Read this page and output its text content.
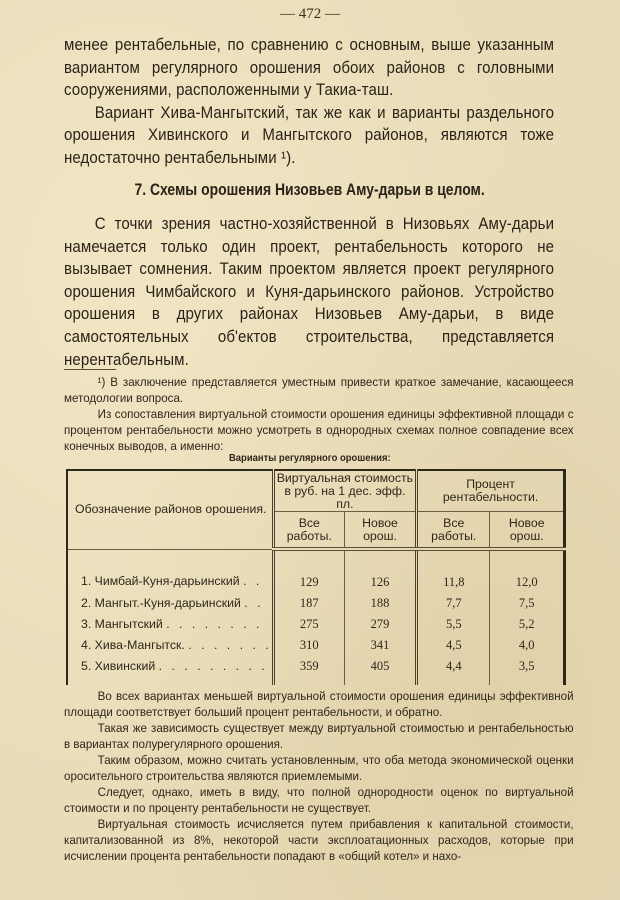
— 472 —

менее рентабельные, по сравнению с основным, выше указанным вариантом регулярного орошения обоих районов с головными сооружениями, расположенными у Такиа-таш.

Вариант Хива-Мангытский, так же как и варианты раздельного орошения Хивинского и Мангытского районов, являются тоже недостаточно рентабельными ¹).

7. Схемы орошения Низовьев Аму-дарьи в целом.

С точки зрения частно-хозяйственной в Низовьях Аму-дарьи намечается только один проект, рентабельность которого не вызывает сомнения. Таким проектом является проект регулярного орошения Чимбайского и Куня-дарьинского районов. Устройство орошения в других районах Низовьев Аму-дарьи, в виде самостоятельных об'ектов строительства, представляется нерентабельным.

¹) В заключение представляется уместным привести краткое замечание, касающееся методологии вопроса.

Из сопоставления виртуальной стоимости орошения единицы эффективной площади с процентом рентабельности можно усмотреть в однородных схемах полное совпадение всех конечных выводов, а именно:

Варианты регулярного орошения:
Обозначение районов орошения.	Виртуальная стоимость в руб. на 1 дес. эфф. пл.		Процент рентабельности.	
	Все работы.	Новое орош.	Все работы.	Новое орош.
1. Чимбай-Куня-дарьинский . .	129	126	11,8	12,0
2. Мангыт.-Куня-дарьинский . .	187	188	7,7	7,5
3. Мангытский . . . . . . . .	275	279	5,5	5,2
4. Хива-Мангытск. . . . . . . .	310	341	4,5	4,0
5. Хивинский . . . . . . . . .	359	405	4,4	3,5

Во всех вариантах меньшей виртуальной стоимости орошения единицы эффективной площади соответствует больший процент рентабельности, и обратно.

Такая же зависимость существует между виртуальной стоимостью и рентабельностью в вариантах полурегулярного орошения.

Таким образом, можно считать установленным, что оба метода экономической оценки оросительного строительства являются приемлемыми.

Следует, однако, иметь в виду, что полной однородности оценок по виртуальной стоимости и по проценту рентабельности не существует.

Виртуальная стоимость исчисляется путем прибавления к капитальной стоимости, капитализованной из 8%, некоторой части эксплоатационных расходов, которые при исчислении процента рентабельности попадают в «общий котел» и нахо-
